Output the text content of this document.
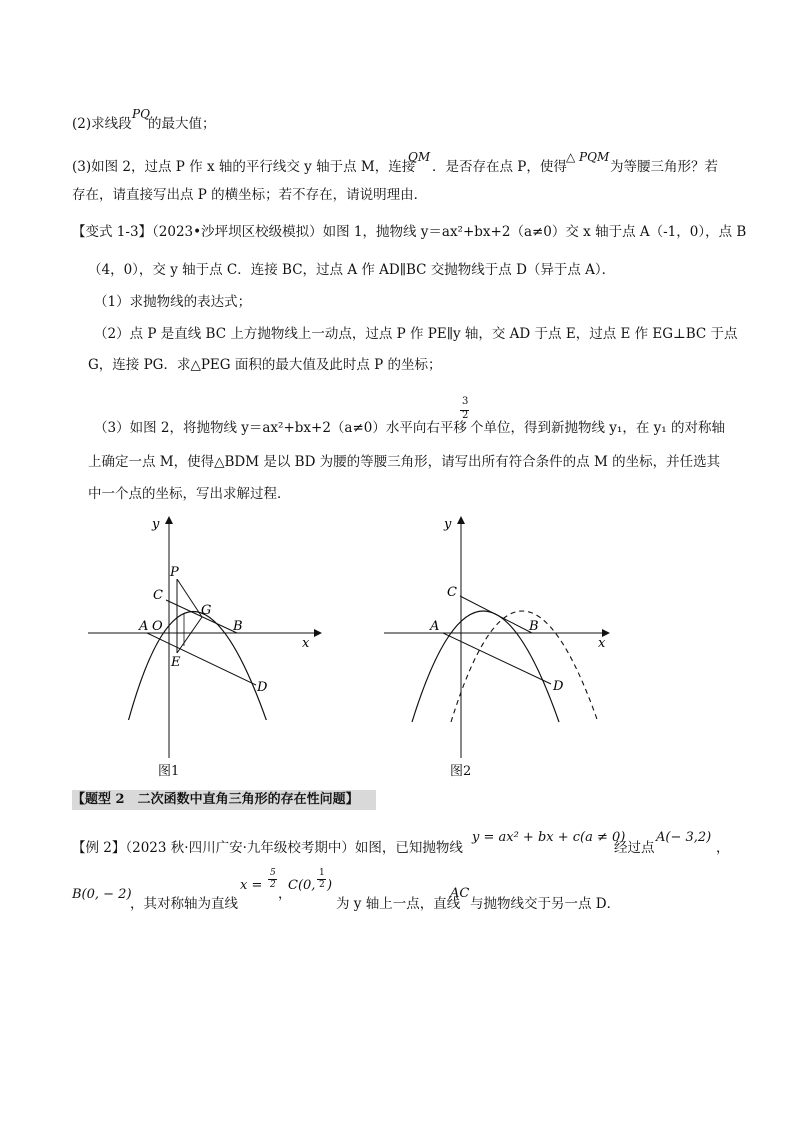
(2)求线段
PQ
的最大值；
(3)如图 2，过点 P 作 x 轴的平行线交 y 轴于点 M，连接
QM
．是否存在点 P，使得
△ PQM
为等腰三角形？若
存在，请直接写出点 P 的横坐标；若不存在，请说明理由．
【变式 1-3】（2023•沙坪坝区校级模拟）如图 1，抛物线 y＝ax²+bx+2（a≠0）交 x 轴于点 A（-1，0），点 B
（4，0），交 y 轴于点 C．连接 BC，过点 A 作 AD∥BC 交抛物线于点 D（异于点 A）．
（1）求抛物线的表达式；
（2）点 P 是直线 BC 上方抛物线上一动点，过点 P 作 PE∥y 轴，交 AD 于点 E，过点 E 作 EG⊥BC 于点
G，连接 PG．求△PEG 面积的最大值及此时点 P 的坐标；
（3）如图 2，将抛物线 y＝ax²+bx+2（a≠0）水平向右平移
3
2
个单位，得到新抛物线 y₁，在 y₁ 的对称轴
上确定一点 M，使得△BDM 是以 BD 为腰的等腰三角形，请写出所有符合条件的点 M 的坐标，并任选其
中一个点的坐标，写出求解过程．
y
x
P
C
G
A O	B
E
D
图1
y
x
C
A	B
D
图2
【题型 2　二次函数中直角三角形的存在性问题】
【例 2】（2023 秋·四川广安·九年级校考期中）如图，已知抛物线
y = ax² + bx + c(a ≠ 0)
经过点
A(− 3,2)
，
B(0, − 2)
，其对称轴为直线
x =
5
2
，
C(0,
1
2 )
为 y 轴上一点，直线
AC
与抛物线交于另一点 D．
